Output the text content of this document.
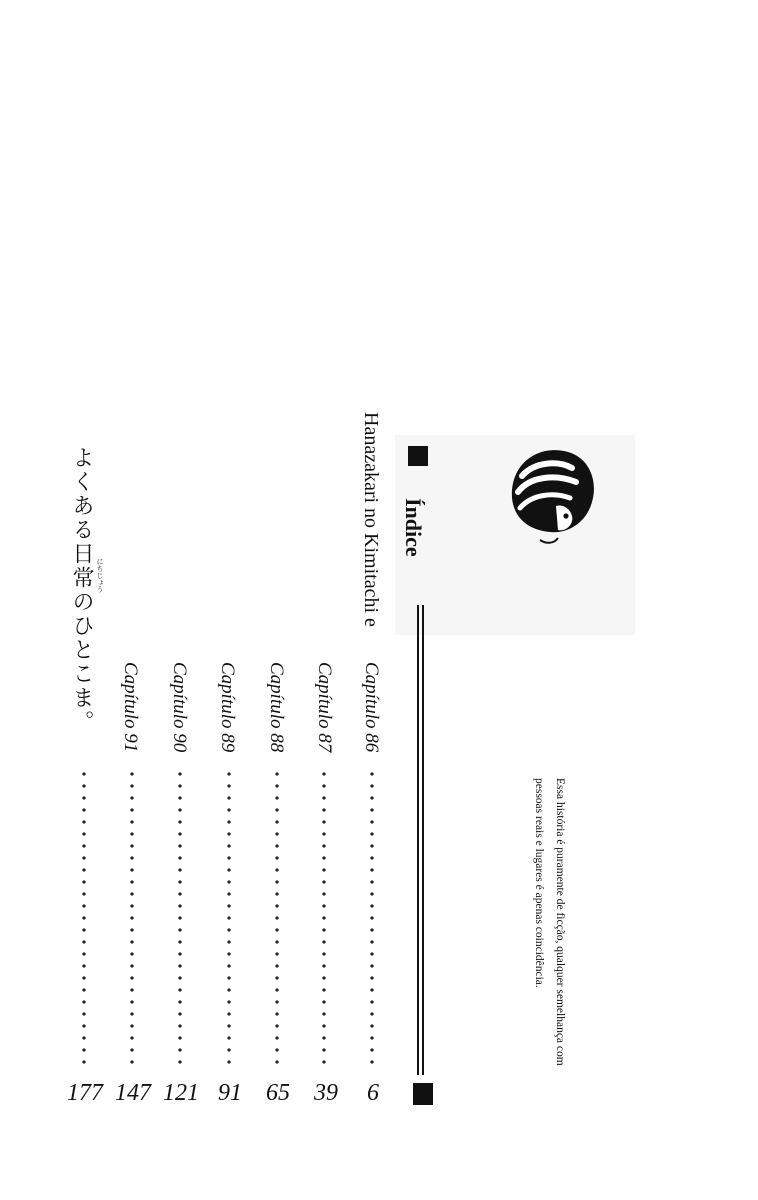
Índice
Hanazakari no Kimitachi e
Capítulo 86
6
Capítulo 87
39
Capítulo 88
65
Capítulo 89
91
Capítulo 90
121
Capítulo 91
147
よくある日常のひとこま。 にちじょう
177
Essa história é puramente de ficção, qualquer semelhança com
pessoas reais e lugares é apenas coincidência.
